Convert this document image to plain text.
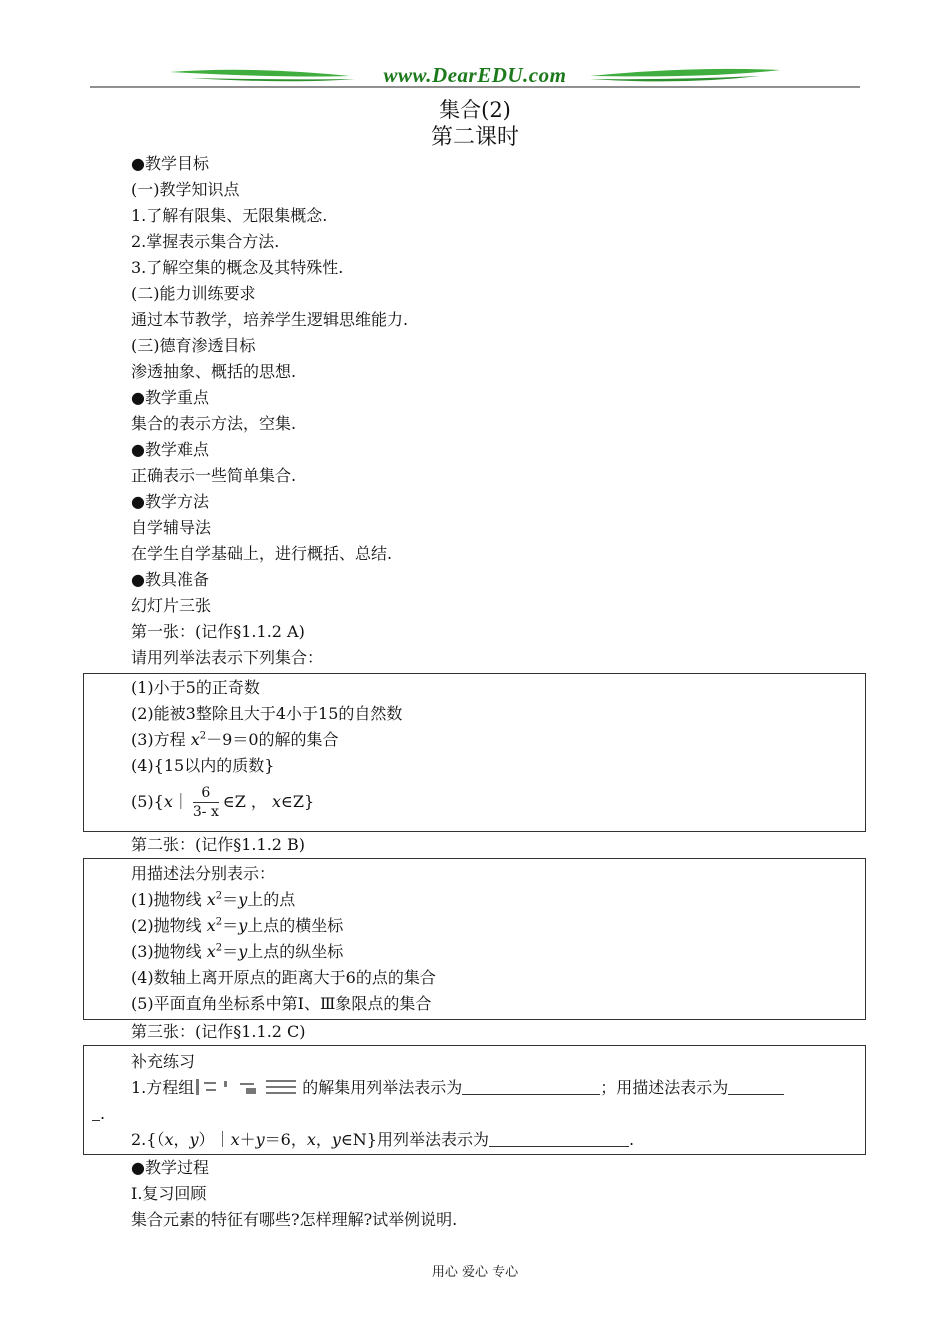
www.DearEDU.com
集合(2)
第二课时
●教学目标
(一)教学知识点
1.了解有限集、无限集概念.
2.掌握表示集合方法.
3.了解空集的概念及其特殊性.
(二)能力训练要求
通过本节教学，培养学生逻辑思维能力.
(三)德育渗透目标
渗透抽象、概括的思想.
●教学重点
集合的表示方法，空集.
●教学难点
正确表示一些简单集合.
●教学方法
自学辅导法
在学生自学基础上，进行概括、总结.
●教具准备
幻灯片三张
第一张：(记作§1.1.2 A)
请用列举法表示下列集合：
(1)小于5的正奇数
(2)能被3整除且大于4小于15的自然数
(3)方程 $x^2-9=0$的解的集合
(4){15以内的质数}
(5){x｜ $\frac{6}{3- x}$ ∈Z ， x∈Z}
第二张：(记作§1.1.2 B)
用描述法分别表示：
(1)抛物线 $x^2=y$上的点
(2)抛物线 $x^2=y$上点的横坐标
(3)抛物线 $x^2=y$上点的纵坐标
(4)数轴上离开原点的距离大于6的点的集合
(5)平面直角坐标系中第Ⅰ、Ⅲ象限点的集合
第三张：(记作§1.1.2 C)
补充练习
1.方程组	的解集用列举法表示为	；用描述法表示为
.
2.{（x，y）｜x＋y＝6，x，y∈N}用列举法表示为	.
●教学过程
Ⅰ.复习回顾
集合元素的特征有哪些?怎样理解?试举例说明.
用心 爱心 专心
